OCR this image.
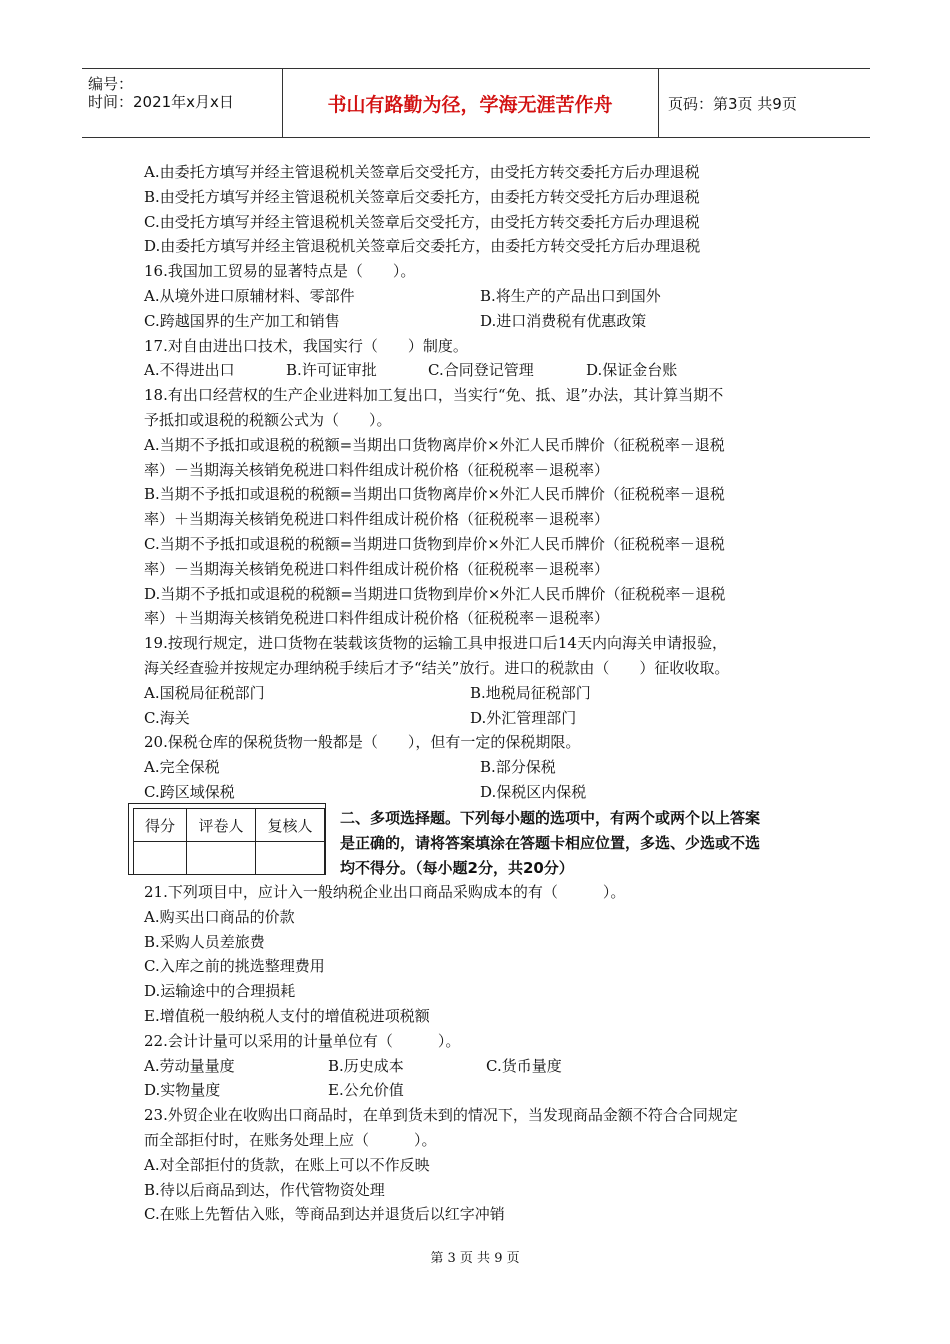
编号：
时间：2021年x月x日	书山有路勤为径，学海无涯苦作舟	页码：第3页 共9页
A.由委托方填写并经主管退税机关签章后交受托方，由受托方转交委托方后办理退税
B.由受托方填写并经主管退税机关签章后交委托方，由委托方转交受托方后办理退税
C.由受托方填写并经主管退税机关签章后交受托方，由受托方转交委托方后办理退税
D.由委托方填写并经主管退税机关签章后交委托方，由委托方转交受托方后办理退税
16.我国加工贸易的显著特点是（　　）。
A.从境外进口原辅材料、零部件	B.将生产的产品出口到国外
C.跨越国界的生产加工和销售	D.进口消费税有优惠政策
17.对自由进出口技术，我国实行（　　）制度。
A.不得进出口	B.许可证审批	C.合同登记管理	D.保证金台账
18.有出口经营权的生产企业进料加工复出口，当实行“免、抵、退”办法，其计算当期不
予抵扣或退税的税额公式为（　　）。
A.当期不予抵扣或退税的税额=当期出口货物离岸价×外汇人民币牌价（征税税率－退税
率）－当期海关核销免税进口料件组成计税价格（征税税率－退税率）
B.当期不予抵扣或退税的税额=当期出口货物离岸价×外汇人民币牌价（征税税率－退税
率）＋当期海关核销免税进口料件组成计税价格（征税税率－退税率）
C.当期不予抵扣或退税的税额=当期进口货物到岸价×外汇人民币牌价（征税税率－退税
率）－当期海关核销免税进口料件组成计税价格（征税税率－退税率）
D.当期不予抵扣或退税的税额=当期进口货物到岸价×外汇人民币牌价（征税税率－退税
率）＋当期海关核销免税进口料件组成计税价格（征税税率－退税率）
19.按现行规定，进口货物在装载该货物的运输工具申报进口后14天内向海关申请报验，
海关经查验并按规定办理纳税手续后才予“结关”放行。进口的税款由（　　）征收收取。
A.国税局征税部门	B.地税局征税部门
C.海关	D.外汇管理部门
20.保税仓库的保税货物一般都是（　　），但有一定的保税期限。
A.完全保税	B.部分保税
C.跨区域保税	D.保税区内保税
得分	评卷人	复核人
		二、多项选择题。下列每小题的选项中，有两个或两个以上答案
是正确的，请将答案填涂在答题卡相应位置，多选、少选或不选
均不得分。（每小题2分，共20分）
21.下列项目中，应计入一般纳税企业出口商品采购成本的有（　　　）。
A.购买出口商品的价款
B.采购人员差旅费
C.入库之前的挑选整理费用
D.运输途中的合理损耗
E.增值税一般纳税人支付的增值税进项税额
22.会计计量可以采用的计量单位有（　　　）。
A.劳动量量度	B.历史成本	C.货币量度
D.实物量度	E.公允价值
23.外贸企业在收购出口商品时，在单到货未到的情况下，当发现商品金额不符合合同规定
而全部拒付时，在账务处理上应（　　　）。
A.对全部拒付的货款，在账上可以不作反映
B.待以后商品到达，作代管物资处理
C.在账上先暂估入账，等商品到达并退货后以红字冲销
第 3 页 共 9 页
